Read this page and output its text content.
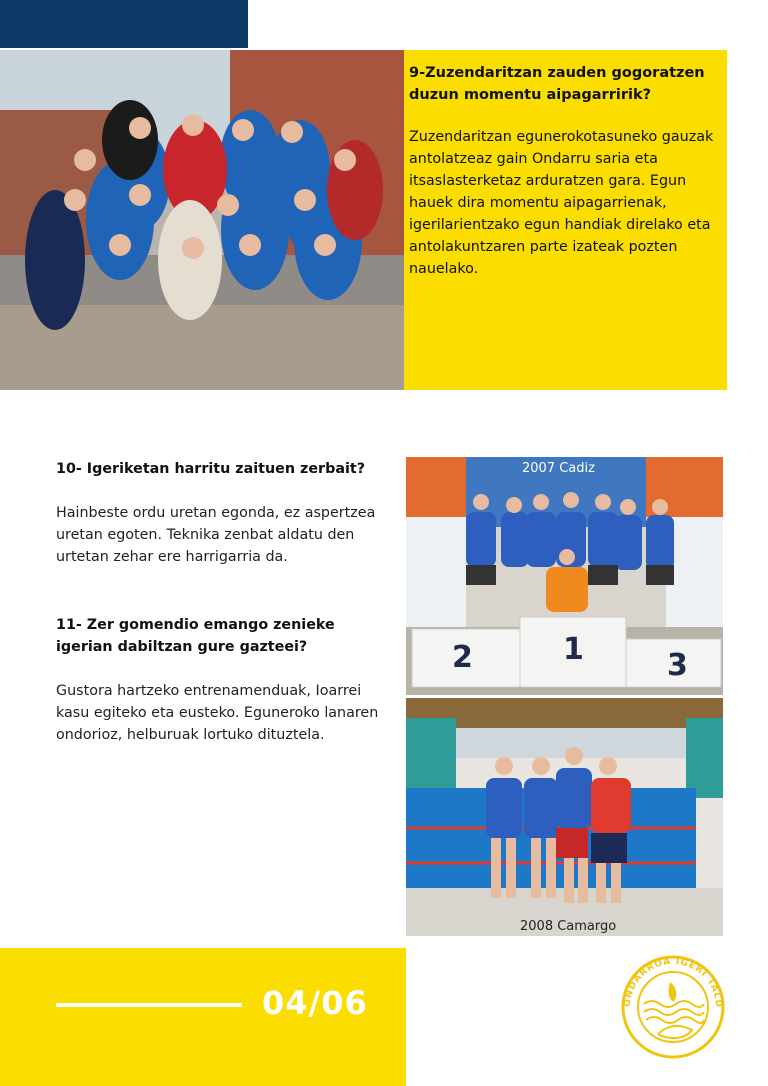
9-Zuzendaritzan zauden gogoratzen duzun momentu aipagarririk?
Zuzendaritzan egunerokotasuneko gauzak antolatzeaz gain Ondarru saria eta itsaslasterketaz arduratzen gara. Egun hauek dira momentu aipagarrienak, igerilarientzako egun handiak direlako eta antolakuntzaren parte izateak pozten nauelako.
10- Igeriketan harritu zaituen zerbait?
Hainbeste ordu uretan egonda, ez aspertzea uretan egoten. Teknika zenbat aldatu den urtetan zehar ere harrigarria da.
11- Zer gomendio emango zenieke igerian dabiltzan gure gazteei?
Gustora hartzeko entrenamenduak, Ioarrei kasu egiteko eta eusteko. Eguneroko lanaren ondorioz, helburuak lortuko dituztela.
2	1	3
2007 Cadiz
2008 Camargo
04/06	ONDARROA IGERI TALD
